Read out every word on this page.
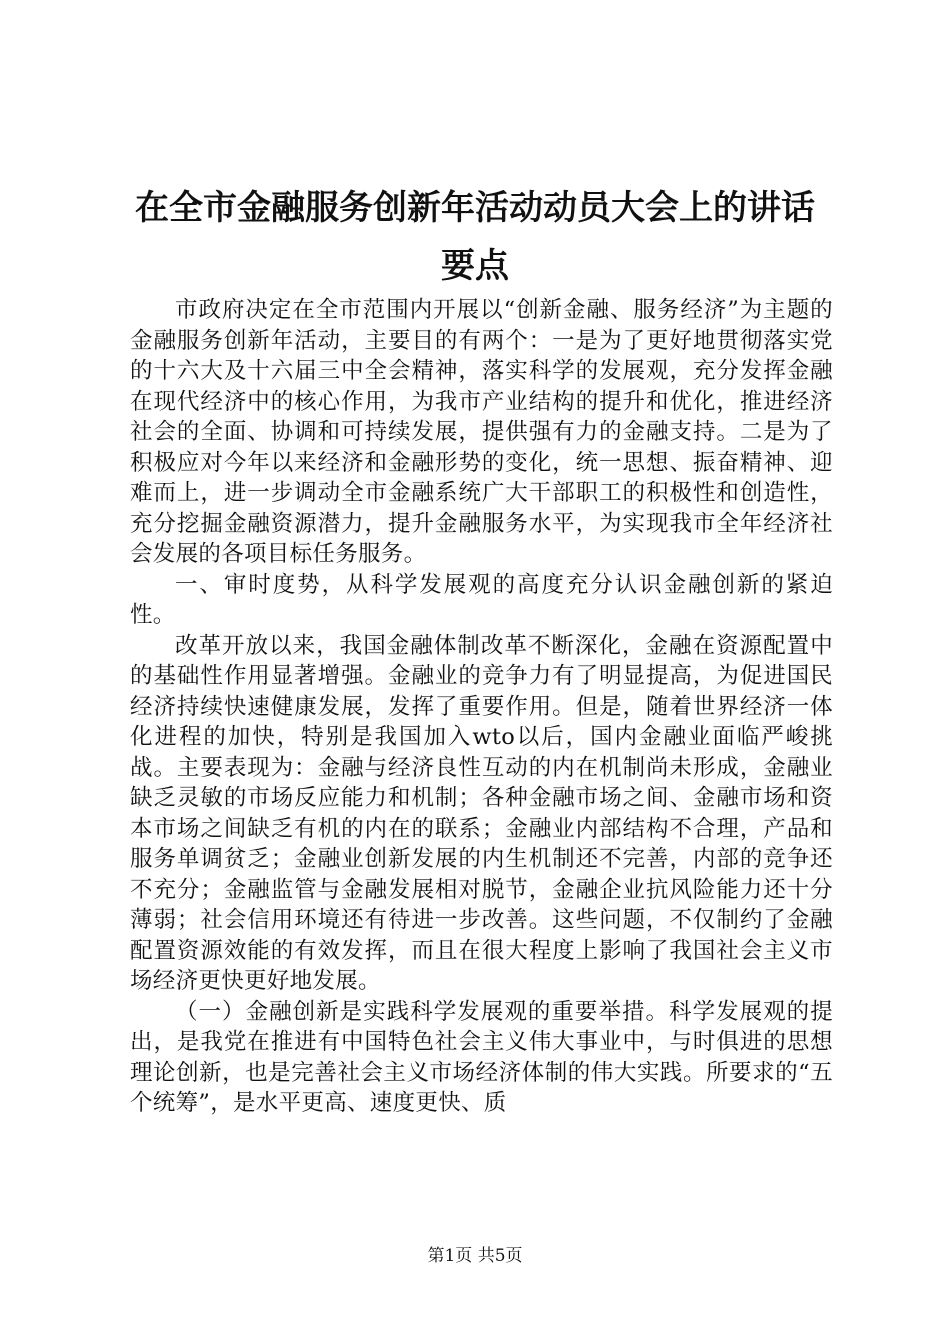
在全市金融服务创新年活动动员大会上的讲话
要点

市政府决定在全市范围内开展以“创新金融、服务经济”为主题的金融服务创新年活动，主要目的有两个：一是为了更好地贯彻落实党的十六大及十六届三中全会精神，落实科学的发展观，充分发挥金融在现代经济中的核心作用，为我市产业结构的提升和优化，推进经济社会的全面、协调和可持续发展，提供强有力的金融支持。二是为了积极应对今年以来经济和金融形势的变化，统一思想、振奋精神、迎难而上，进一步调动全市金融系统广大干部职工的积极性和创造性，充分挖掘金融资源潜力，提升金融服务水平，为实现我市全年经济社会发展的各项目标任务服务。

一、审时度势，从科学发展观的高度充分认识金融创新的紧迫性。

改革开放以来，我国金融体制改革不断深化，金融在资源配置中的基础性作用显著增强。金融业的竞争力有了明显提高，为促进国民经济持续快速健康发展，发挥了重要作用。但是，随着世界经济一体化进程的加快，特别是我国加入wto以后，国内金融业面临严峻挑战。主要表现为：金融与经济良性互动的内在机制尚未形成，金融业缺乏灵敏的市场反应能力和机制；各种金融市场之间、金融市场和资本市场之间缺乏有机的内在的联系；金融业内部结构不合理，产品和服务单调贫乏；金融业创新发展的内生机制还不完善，内部的竞争还不充分；金融监管与金融发展相对脱节，金融企业抗风险能力还十分薄弱；社会信用环境还有待进一步改善。这些问题，不仅制约了金融配置资源效能的有效发挥，而且在很大程度上影响了我国社会主义市场经济更快更好地发展。

（一）金融创新是实践科学发展观的重要举措。科学发展观的提出，是我党在推进有中国特色社会主义伟大事业中，与时俱进的思想理论创新，也是完善社会主义市场经济体制的伟大实践。所要求的“五个统筹”，是水平更高、速度更快、质

第1页 共5页
